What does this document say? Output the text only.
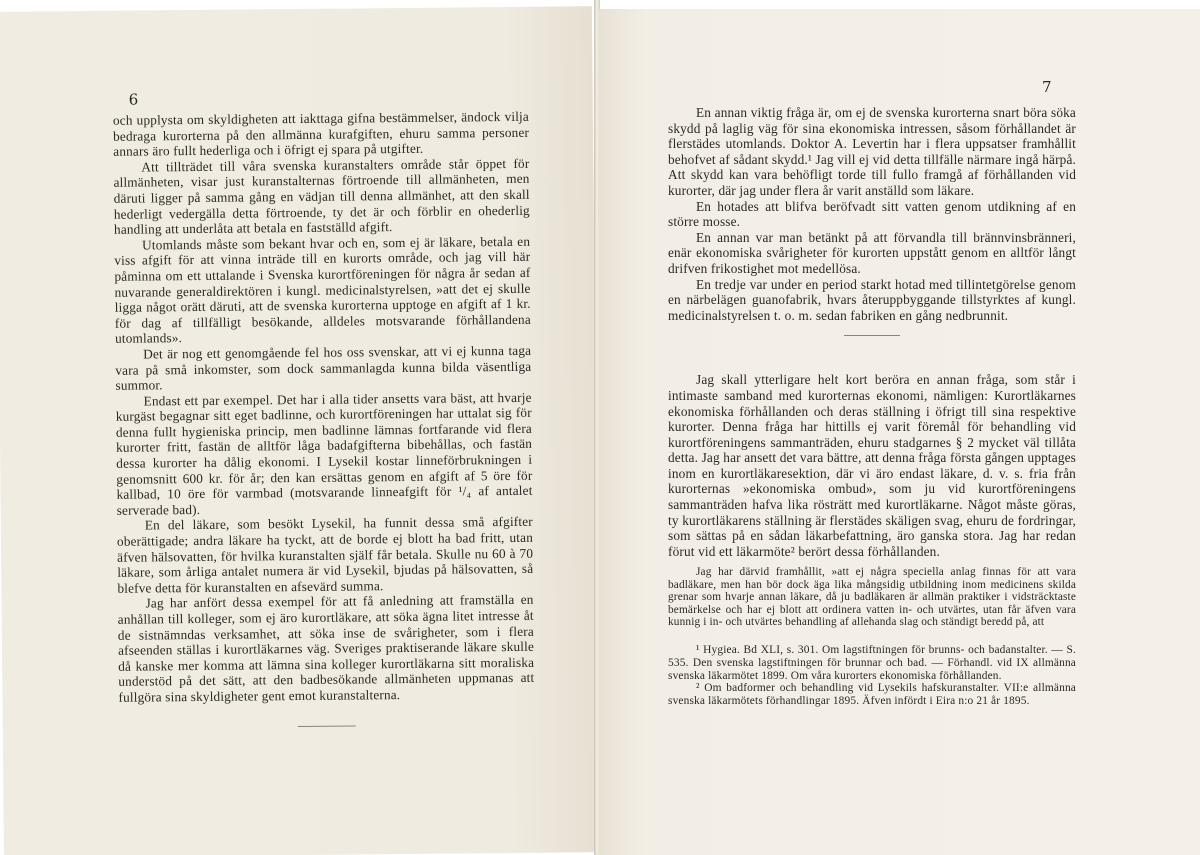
6

och upplysta om skyldigheten att iakttaga gifna bestämmelser, ändock vilja bedraga kurorterna på den allmänna kurafgiften, ehuru samma personer annars äro fullt hederliga och i öfrigt ej spara på utgifter.

Att tillträdet till våra svenska kuranstalters område står öppet för allmänheten, visar just kuranstalternas förtroende till allmänheten, men däruti ligger på samma gång en vädjan till denna allmänhet, att den skall hederligt vedergälla detta förtroende, ty det är och förblir en ohederlig handling att underlåta att betala en fastställd afgift.

Utomlands måste som bekant hvar och en, som ej är läkare, betala en viss afgift för att vinna inträde till en kurorts område, och jag vill här påminna om ett uttalande i Svenska kurortföreningen för några år sedan af nuvarande generaldirektören i kungl. medicinalstyrelsen, »att det ej skulle ligga något orätt däruti, att de svenska kurorterna upptoge en afgift af 1 kr. för dag af tillfälligt besökande, alldeles motsvarande förhållandena utomlands».

Det är nog ett genomgående fel hos oss svenskar, att vi ej kunna taga vara på små inkomster, som dock sammanlagda kunna bilda väsentliga summor.

Endast ett par exempel. Det har i alla tider ansetts vara bäst, att hvarje kurgäst begagnar sitt eget badlinne, och kurortföreningen har uttalat sig för denna fullt hygieniska princip, men badlinne lämnas fortfarande vid flera kurorter fritt, fastän de alltför låga badafgifterna bibehållas, och fastän dessa kurorter ha dålig ekonomi. I Lysekil kostar linneförbrukningen i genomsnitt 600 kr. för år; den kan ersättas genom en afgift af 5 öre för kallbad, 10 öre för varmbad (motsvarande linneafgift för ¹/₄ af antalet serverade bad).

En del läkare, som besökt Lysekil, ha funnit dessa små afgifter oberättigade; andra läkare ha tyckt, att de borde ej blott ha bad fritt, utan äfven hälsovatten, för hvilka kuranstalten själf får betala. Skulle nu 60 à 70 läkare, som årliga antalet numera är vid Lysekil, bjudas på hälsovatten, så blefve detta för kuranstalten en afsevärd summa.

Jag har anfört dessa exempel för att få anledning att framställa en anhållan till kolleger, som ej äro kurortläkare, att söka ägna litet intresse åt de sistnämndas verksamhet, att söka inse de svårigheter, som i flera afseenden ställas i kurortläkarnes väg. Sveriges praktiserande läkare skulle då kanske mer komma att lämna sina kolleger kurortläkarna sitt moraliska understöd på det sätt, att den badbesökande allmänheten uppmanas att fullgöra sina skyldigheter gent emot kuranstalterna.

7

En annan viktig fråga är, om ej de svenska kurorterna snart böra söka skydd på laglig väg för sina ekonomiska intressen, såsom förhållandet är flerstädes utomlands. Doktor A. Levertin har i flera uppsatser framhållit behofvet af sådant skydd.¹ Jag vill ej vid detta tillfälle närmare ingå härpå. Att skydd kan vara behöfligt torde till fullo framgå af förhållanden vid kurorter, där jag under flera år varit anställd som läkare.

En hotades att blifva beröfvadt sitt vatten genom utdikning af en större mosse.

En annan var man betänkt på att förvandla till brännvinsbränneri, enär ekonomiska svårigheter för kurorten uppstått genom en alltför långt drifven frikostighet mot medellösa.

En tredje var under en period starkt hotad med tillintetgörelse genom en närbelägen guanofabrik, hvars återuppbyggande tillstyrktes af kungl. medicinalstyrelsen t. o. m. sedan fabriken en gång nedbrunnit.

Jag skall ytterligare helt kort beröra en annan fråga, som står i intimaste samband med kurorternas ekonomi, nämligen: Kurortläkarnes ekonomiska förhållanden och deras ställning i öfrigt till sina respektive kurorter. Denna fråga har hittills ej varit föremål för behandling vid kurortföreningens sammanträden, ehuru stadgarnes § 2 mycket väl tillåta detta. Jag har ansett det vara bättre, att denna fråga första gången upptages inom en kurortläkaresektion, där vi äro endast läkare, d. v. s. fria från kurorternas »ekonomiska ombud», som ju vid kurortföreningens sammanträden hafva lika rösträtt med kurortläkarne. Något måste göras, ty kurortläkarens ställning är flerstädes skäligen svag, ehuru de fordringar, som sättas på en sådan läkarbefattning, äro ganska stora. Jag har redan förut vid ett läkarmöte² berört dessa förhållanden.

Jag har därvid framhållit, »att ej några speciella anlag finnas för att vara badläkare, men han bör dock äga lika mångsidig utbildning inom medicinens skilda grenar som hvarje annan läkare, då ju badläkaren är allmän praktiker i vidsträcktaste bemärkelse och har ej blott att ordinera vatten in- och utvärtes, utan får äfven vara kunnig i in- och utvärtes behandling af allehanda slag och ständigt beredd på, att

¹ Hygiea. Bd XLI, s. 301. Om lagstiftningen för brunns- och badanstalter. — S. 535. Den svenska lagstiftningen för brunnar och bad. — Förhandl. vid IX allmänna svenska läkarmötet 1899. Om våra kurorters ekonomiska förhållanden.

² Om badformer och behandling vid Lysekils hafskuranstalter. VII:e allmänna svenska läkarmötets förhandlingar 1895. Äfven infördt i Eira n:o 21 år 1895.
